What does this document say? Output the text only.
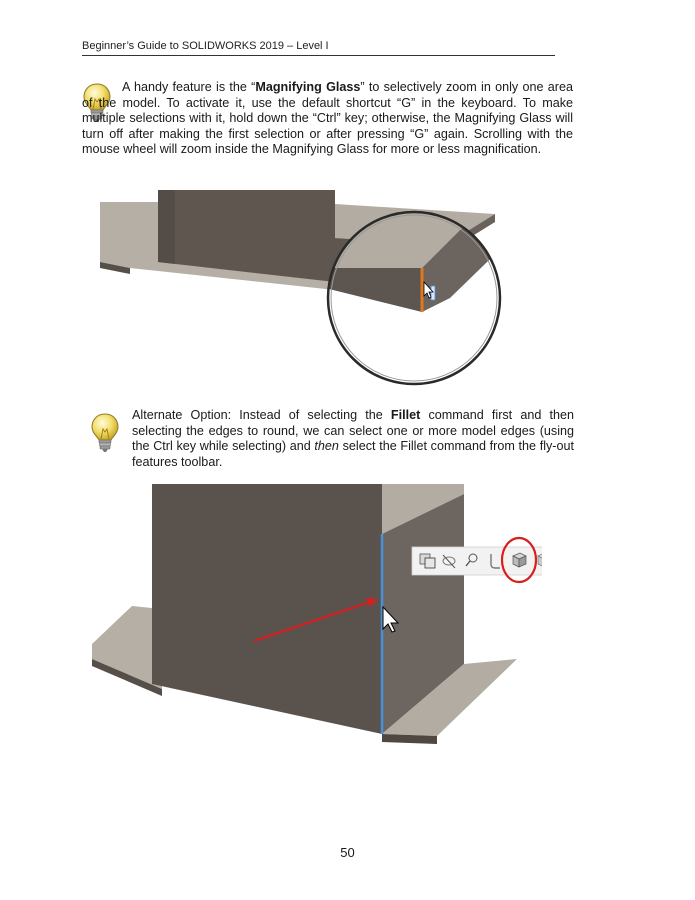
Beginner’s Guide to SOLIDWORKS 2019 – Level I

A handy feature is the “Magnifying Glass” to selectively zoom in only one area of the model. To activate it, use the default shortcut “G” in the keyboard. To make multiple selections with it, hold down the “Ctrl” key; otherwise, the Magnifying Glass will turn off after making the first selection or after pressing “G” again. Scrolling with the mouse wheel will zoom inside the Magnifying Glass for more or less magnification.

Alternate Option: Instead of selecting the Fillet command first and then selecting the edges to round, we can select one or more model edges (using the Ctrl key while selecting) and then select the Fillet command from the fly-out features toolbar.

50
